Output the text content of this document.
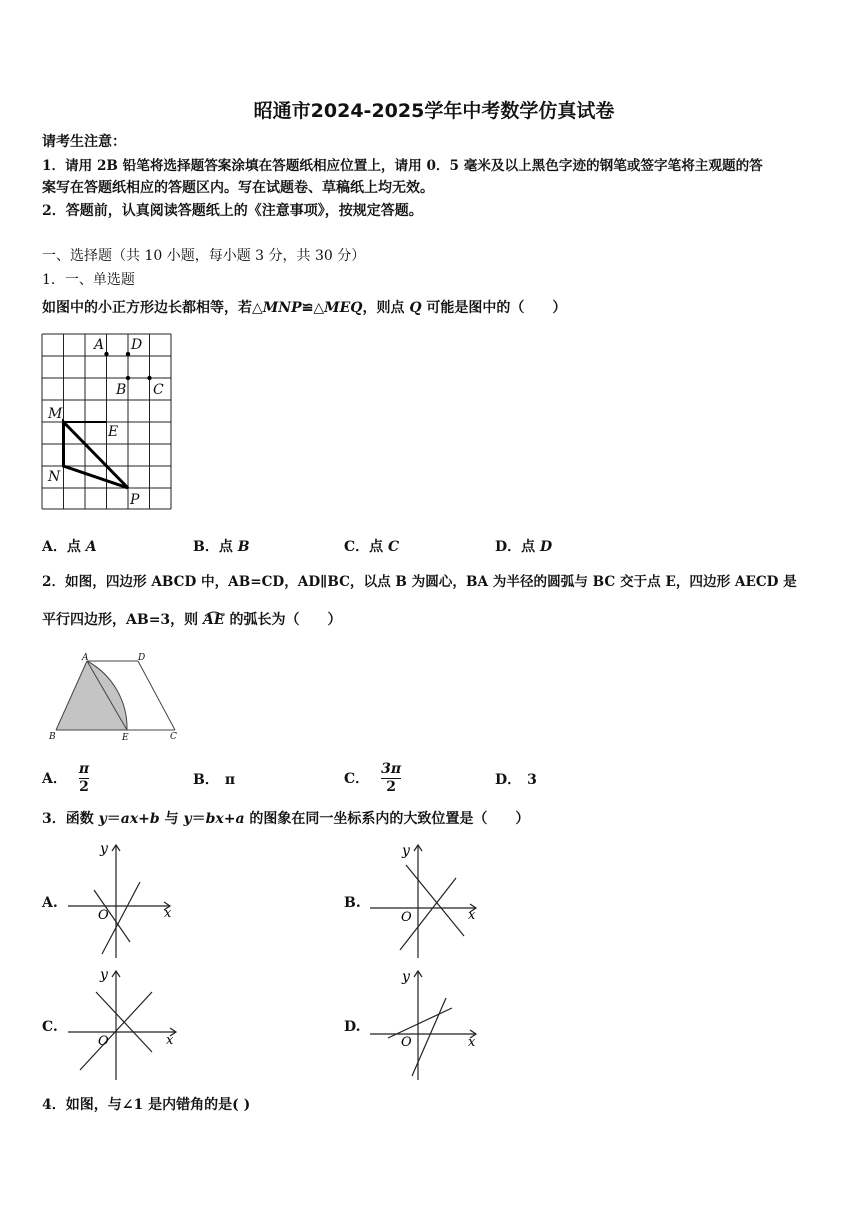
昭通市2024-2025学年中考数学仿真试卷
请考生注意：
1．请用 2B 铅笔将选择题答案涂填在答题纸相应位置上，请用 0．5 毫米及以上黑色字迹的钢笔或签字笔将主观题的答
案写在答题纸相应的答题区内。写在试题卷、草稿纸上均无效。
2．答题前，认真阅读答题纸上的《注意事项》，按规定答题。
一、选择题（共 10 小题，每小题 3 分，共 30 分）
1．一、单选题
如图中的小正方形边长都相等，若△MNP≌△MEQ，则点 Q 可能是图中的（　　）
A D
B C
M
E
N
P
A．点 A	B．点 B	C．点 C	D．点 D
2．如图，四边形 ABCD 中，AB=CD，AD∥BC，以点 B 为圆心，BA 为半径的圆弧与 BC 交于点 E，四边形 AECD 是
平行四边形，AB=3，则
AE 的弧长为（　　）
A	D
B	E	C
A． $\frac{\pi}{2}$	B． π	C． $\frac{3\pi}{2}$	D． 3
3．函数 y＝ax+b 与 y＝bx+a 的图象在同一坐标系内的大致位置是（　　）
A.
y
x
O
B.
y
x
O
C.
y
x
O
D.
y
x
O
4．如图，与∠1 是内错角的是( )
